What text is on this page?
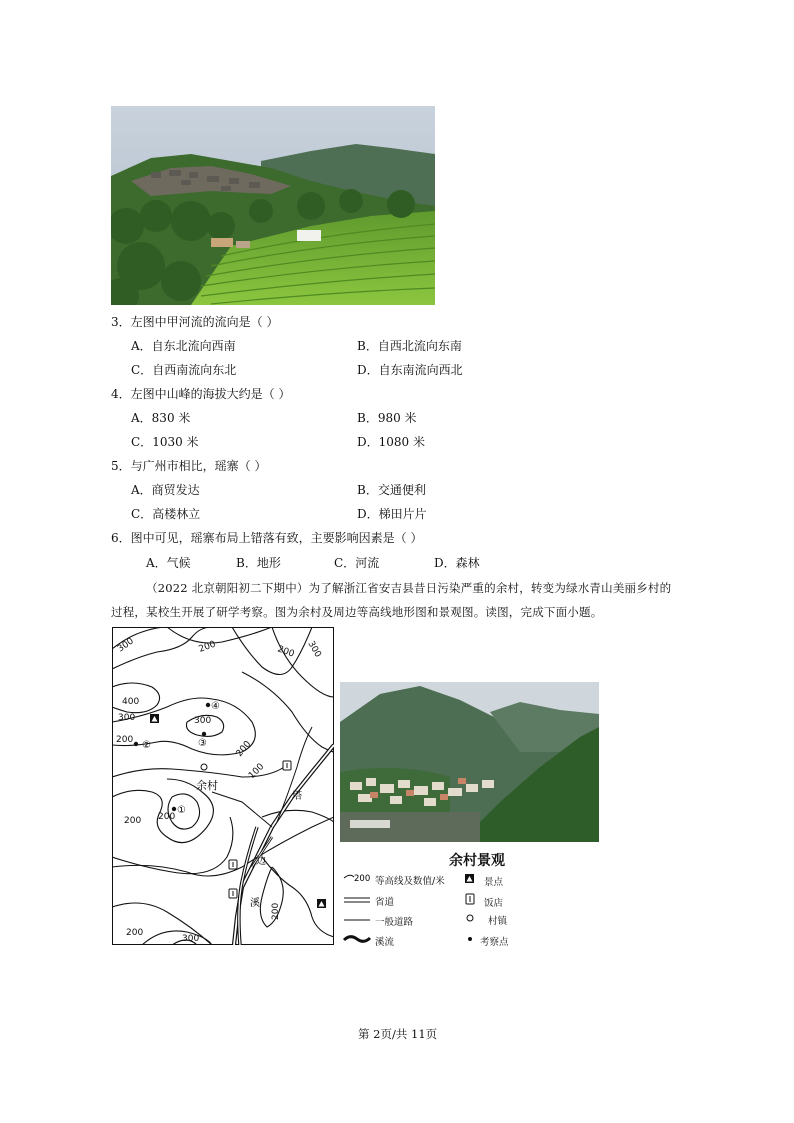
3．左图中甲河流的流向是（ ）
A．自东北流向西南	B．自西北流向东南
C．自西南流向东北	D．自东南流向西北
4．左图中山峰的海拔大约是（ ）
A．830 米	B．980 米
C．1030 米	D．1080 米
5．与广州市相比，瑶寨（ ）
A．商贸发达	B．交通便利
C．高楼林立	D．梯田片片
6．图中可见，瑶寨布局上错落有致，主要影响因素是（ ）
A．气候	B．地形	C．河流	D．森林
（2022 北京朝阳初二下期中）为了解浙江省安吉县昔日污染严重的余村，转变为绿水青山美丽乡村的
过程，某校生开展了研学考察。图为余村及周边等高线地形图和景观图。读图，完成下面小题。
300	200	200 300
400
300	300
200	200
100
200 200
200
200
300
余村
塔
边
溪
④
②	③
①
余村景观
200 等高线及数值/米
省道
一般道路
溪流
景点
饭店
村镇
考察点
第 2页/共 11页
